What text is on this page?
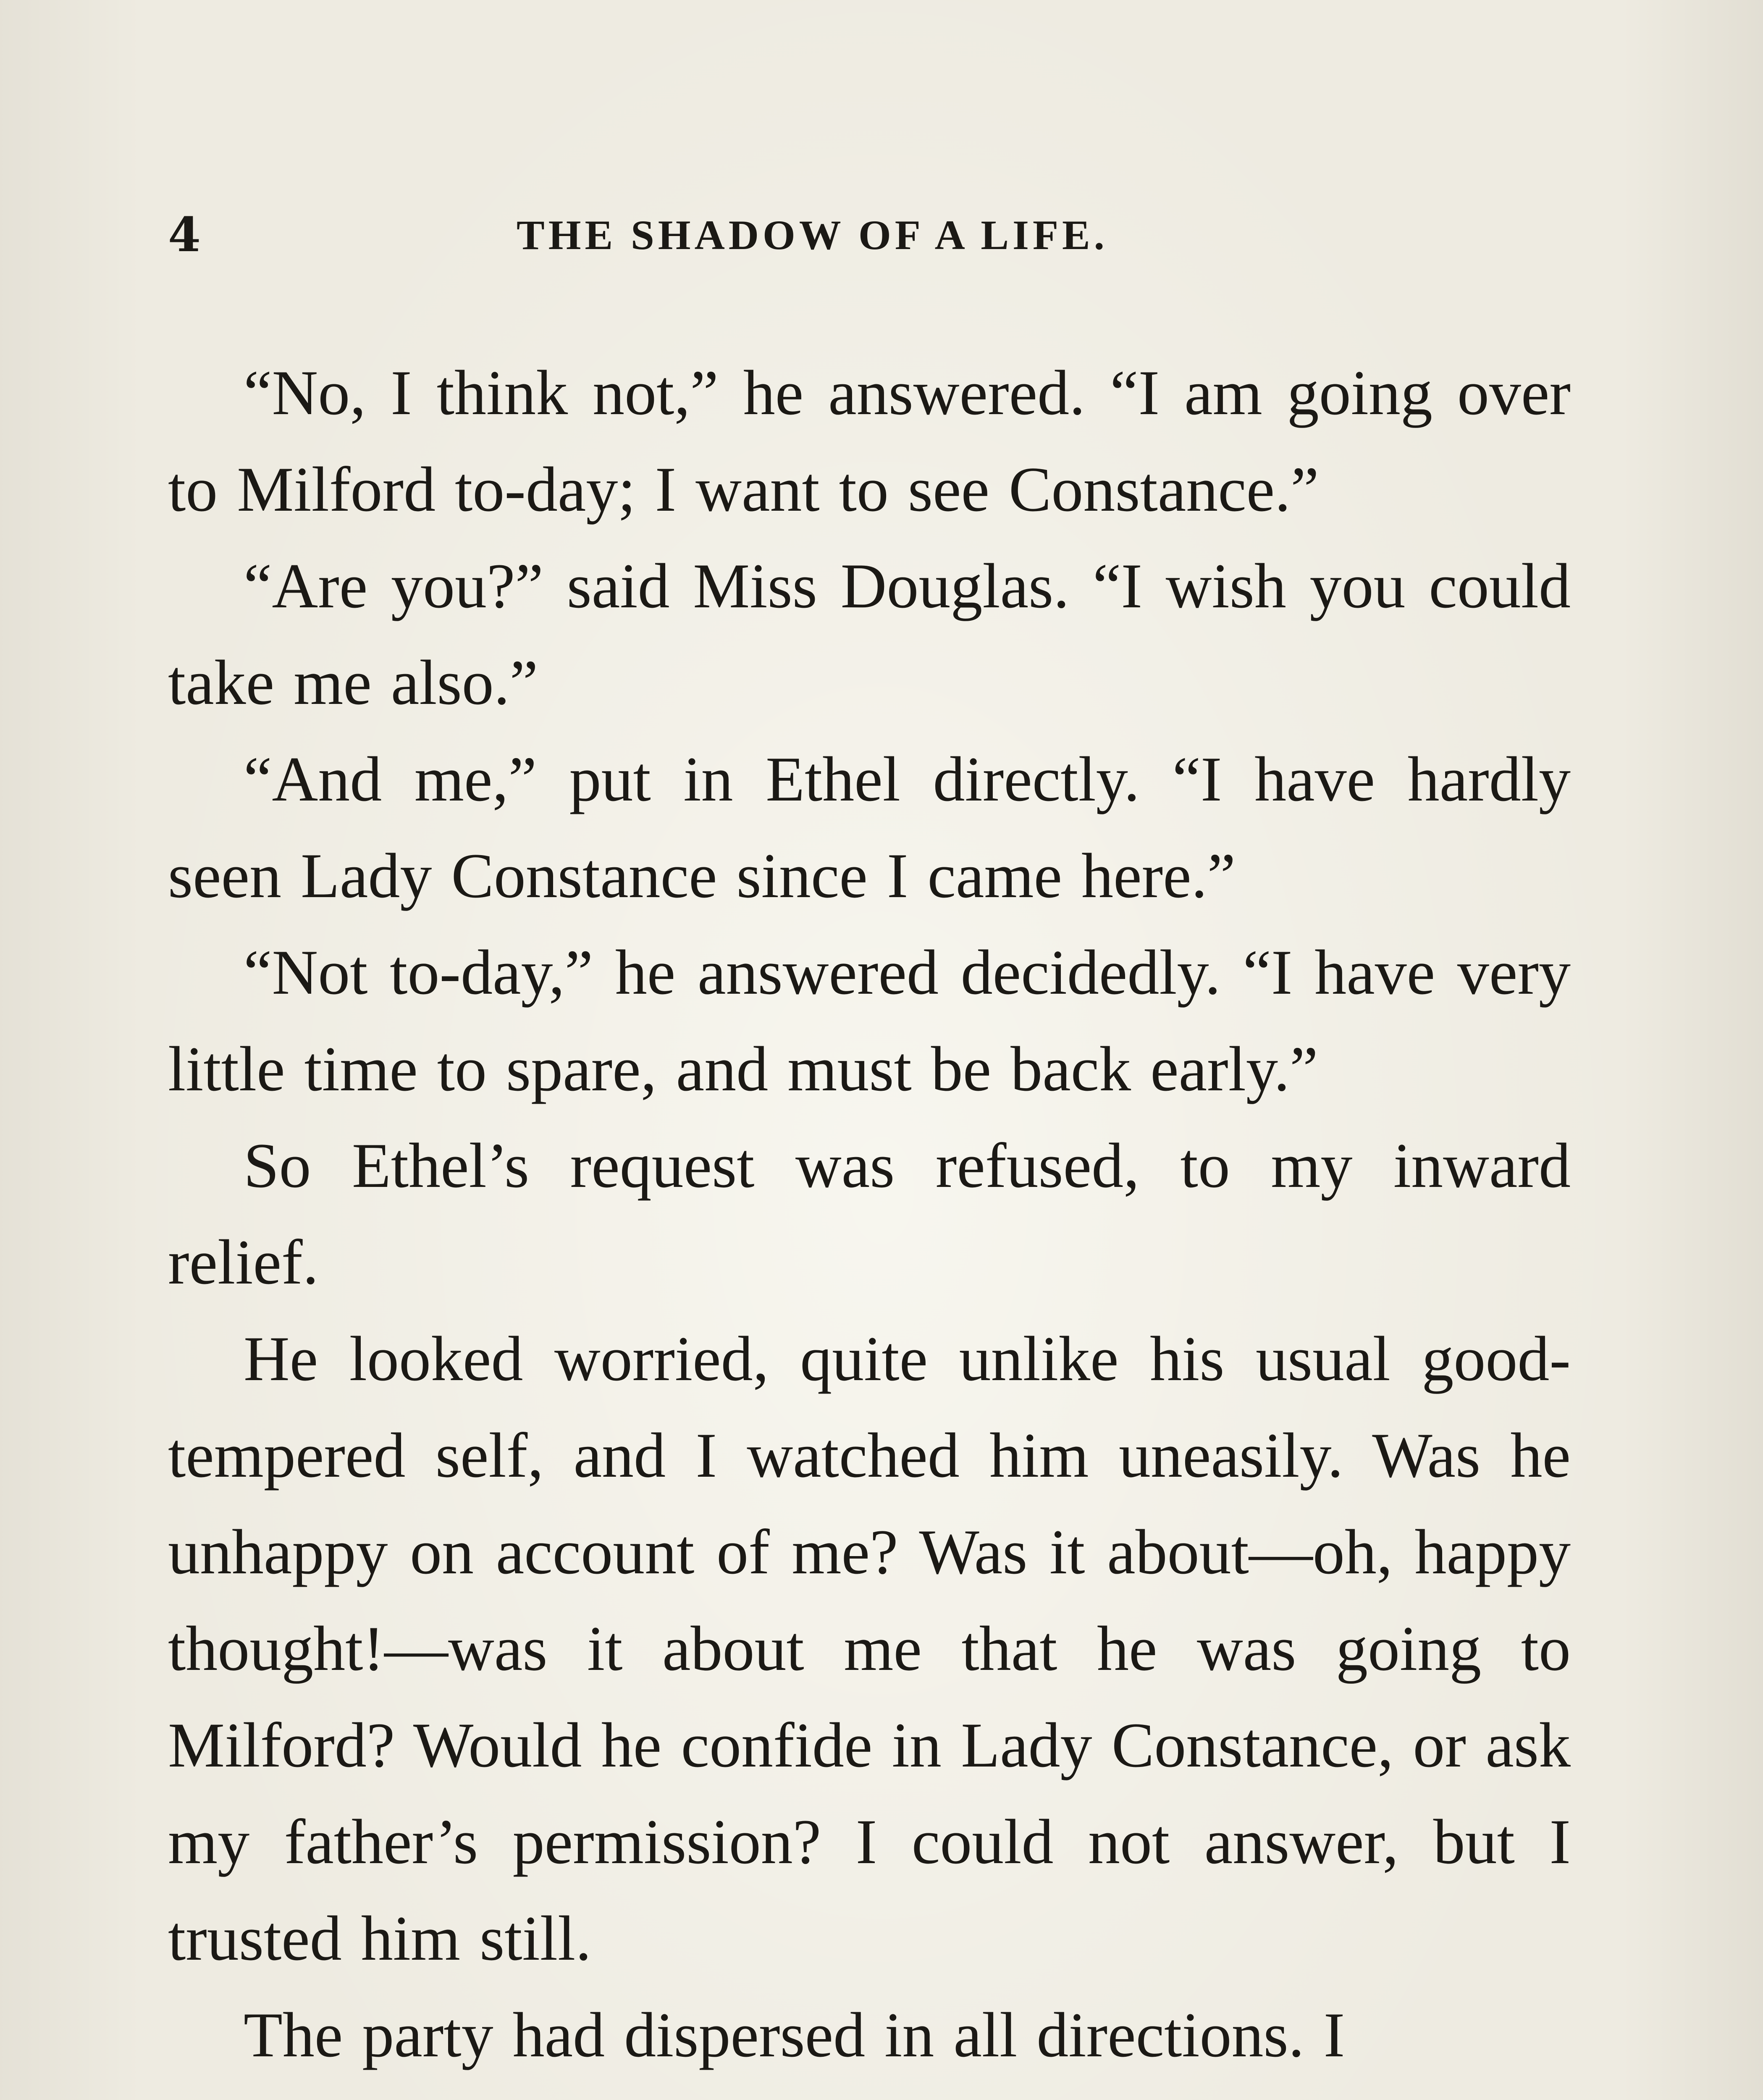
4	THE SHADOW OF A LIFE.

“No, I think not,” he answered. “I am going over to Milford to-day; I want to see Constance.”

“Are you?” said Miss Douglas. “I wish you could take me also.”

“And me,” put in Ethel directly. “I have hardly seen Lady Constance since I came here.”

“Not to-day,” he answered decidedly. “I have very little time to spare, and must be back early.”

So Ethel’s request was refused, to my inward relief.

He looked worried, quite unlike his usual good-tempered self, and I watched him uneasily. Was he unhappy on account of me? Was it about—oh, happy thought!—was it about me that he was going to Milford? Would he confide in Lady Constance, or ask my father’s permission? I could not answer, but I trusted him still.

The party had dispersed in all directions. I
